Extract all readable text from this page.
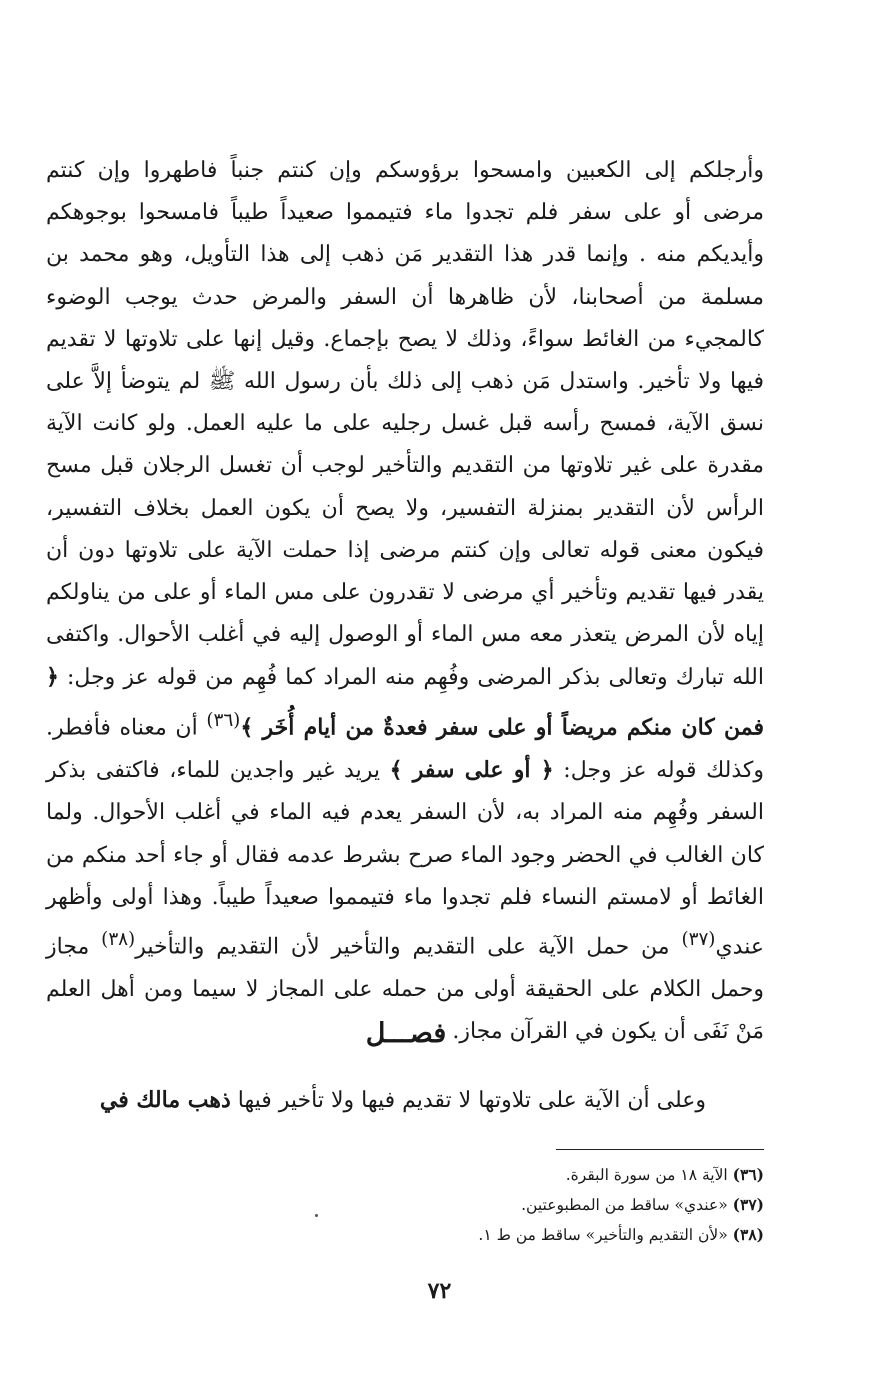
وأرجلكم إلى الكعبين وامسحوا برؤوسكم وإن كنتم جنباً فاطهروا وإن كنتم مرضى أو على سفر فلم تجدوا ماء فتيمموا صعيداً طيباً فامسحوا بوجوهكم وأيديكم منه . وإنما قدر هذا التقدير مَن ذهب إلى هذا التأويل، وهو محمد بن مسلمة من أصحابنا، لأن ظاهرها أن السفر والمرض حدث يوجب الوضوء كالمجيء من الغائط سواءً، وذلك لا يصح بإجماع. وقيل إنها على تلاوتها لا تقديم فيها ولا تأخير. واستدل مَن ذهب إلى ذلك بأن رسول الله ﷺ لم يتوضأ إلاَّ على نسق الآية، فمسح رأسه قبل غسل رجليه على ما عليه العمل. ولو كانت الآية مقدرة على غير تلاوتها من التقديم والتأخير لوجب أن تغسل الرجلان قبل مسح الرأس لأن التقدير بمنزلة التفسير، ولا يصح أن يكون العمل بخلاف التفسير، فيكون معنى قوله تعالى وإن كنتم مرضى إذا حملت الآية على تلاوتها دون أن يقدر فيها تقديم وتأخير أي مرضى لا تقدرون على مس الماء أو على من يناولكم إياه لأن المرض يتعذر معه مس الماء أو الوصول إليه في أغلب الأحوال. واكتفى الله تبارك وتعالى بذكر المرضى وفُهِم منه المراد كما فُهِم من قوله عز وجل: ﴿ فمن كان منكم مريضاً أو على سفر فعدةٌ من أيام أُخَر ﴾$^{(٣٦)}$ أن معناه فأفطر. وكذلك قوله عز وجل: ﴿ أو على سفر ﴾ يريد غير واجدين للماء، فاكتفى بذكر السفر وفُهِم منه المراد به، لأن السفر يعدم فيه الماء في أغلب الأحوال. ولما كان الغالب في الحضر وجود الماء صرح بشرط عدمه فقال أو جاء أحد منكم من الغائط أو لامستم النساء فلم تجدوا ماء فتيمموا صعيداً طيباً. وهذا أولى وأظهر عندي$^{(٣٧)}$ من حمل الآية على التقديم والتأخير لأن التقديم والتأخير$^{(٣٨)}$ مجاز وحمل الكلام على الحقيقة أولى من حمله على المجاز لا سيما ومن أهل العلم مَنْ نَفَى أن يكون في القرآن مجاز.

فصـــل
وعلى أن الآية على تلاوتها لا تقديم فيها ولا تأخير فيها ذهب مالك في
(٣٦) الآية ١٨ من سورة البقرة.
(٣٧) «عندي» ساقط من المطبوعتين.
(٣٨) «لأن التقديم والتأخير» ساقط من ط ١.
٧٢
